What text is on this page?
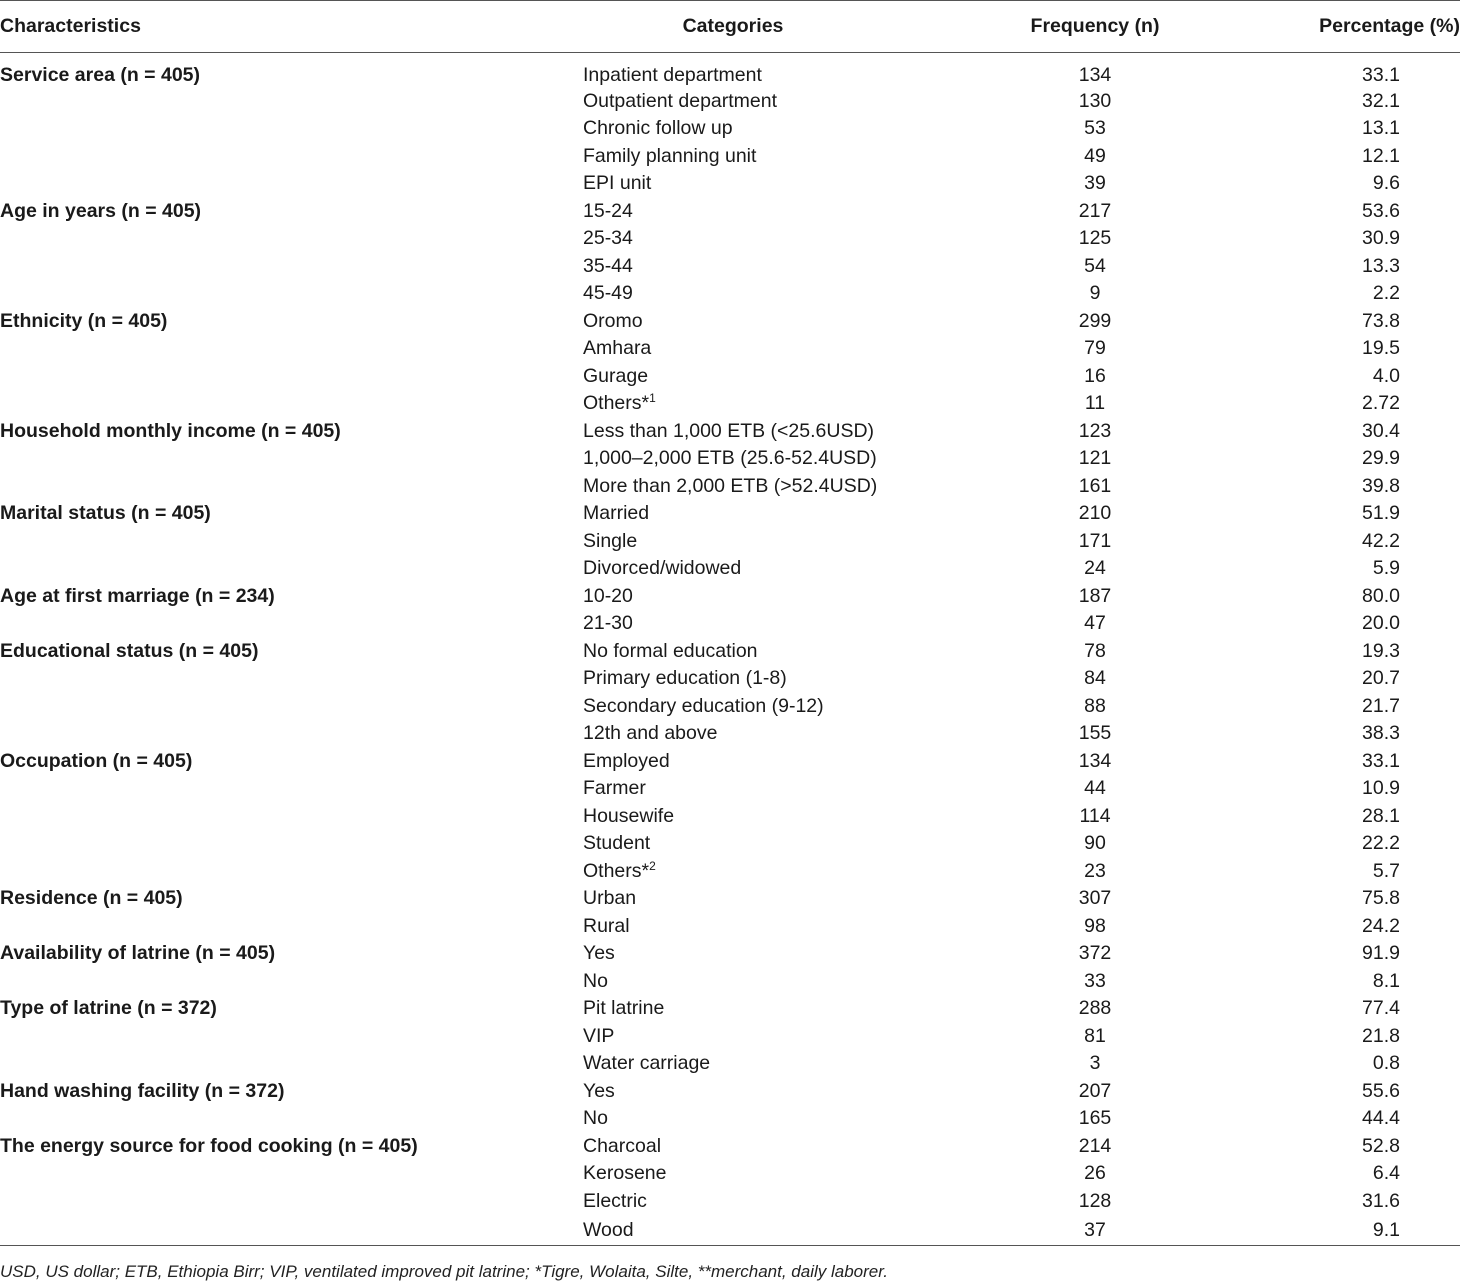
Characteristics	Categories	Frequency (n)	Percentage (%)
Service area (n = 405)	Inpatient department	134	33.1
	Outpatient department	130	32.1
	Chronic follow up	53	13.1
	Family planning unit	49	12.1
	EPI unit	39	9.6
Age in years (n = 405)	15-24	217	53.6
	25-34	125	30.9
	35-44	54	13.3
	45-49	9	2.2
Ethnicity (n = 405)	Oromo	299	73.8
	Amhara	79	19.5
	Gurage	16	4.0
	Others*$^1$	11	2.72
Household monthly income (n = 405)	Less than 1,000 ETB (<25.6USD)	123	30.4
	1,000–2,000 ETB (25.6-52.4USD)	121	29.9
	More than 2,000 ETB (>52.4USD)	161	39.8
Marital status (n = 405)	Married	210	51.9
	Single	171	42.2
	Divorced/widowed	24	5.9
Age at first marriage (n = 234)	10-20	187	80.0
	21-30	47	20.0
Educational status (n = 405)	No formal education	78	19.3
	Primary education (1-8)	84	20.7
	Secondary education (9-12)	88	21.7
	12th and above	155	38.3
Occupation (n = 405)	Employed	134	33.1
	Farmer	44	10.9
	Housewife	114	28.1
	Student	90	22.2
	Others*$^2$	23	5.7
Residence (n = 405)	Urban	307	75.8
	Rural	98	24.2
Availability of latrine (n = 405)	Yes	372	91.9
	No	33	8.1
Type of latrine (n = 372)	Pit latrine	288	77.4
	VIP	81	21.8
	Water carriage	3	0.8
Hand washing facility (n = 372)	Yes	207	55.6
	No	165	44.4
The energy source for food cooking (n = 405)	Charcoal	214	52.8
	Kerosene	26	6.4
	Electric	128	31.6
	Wood	37	9.1
USD, US dollar; ETB, Ethiopia Birr; VIP, ventilated improved pit latrine; *Tigre, Wolaita, Silte, **merchant, daily laborer.
